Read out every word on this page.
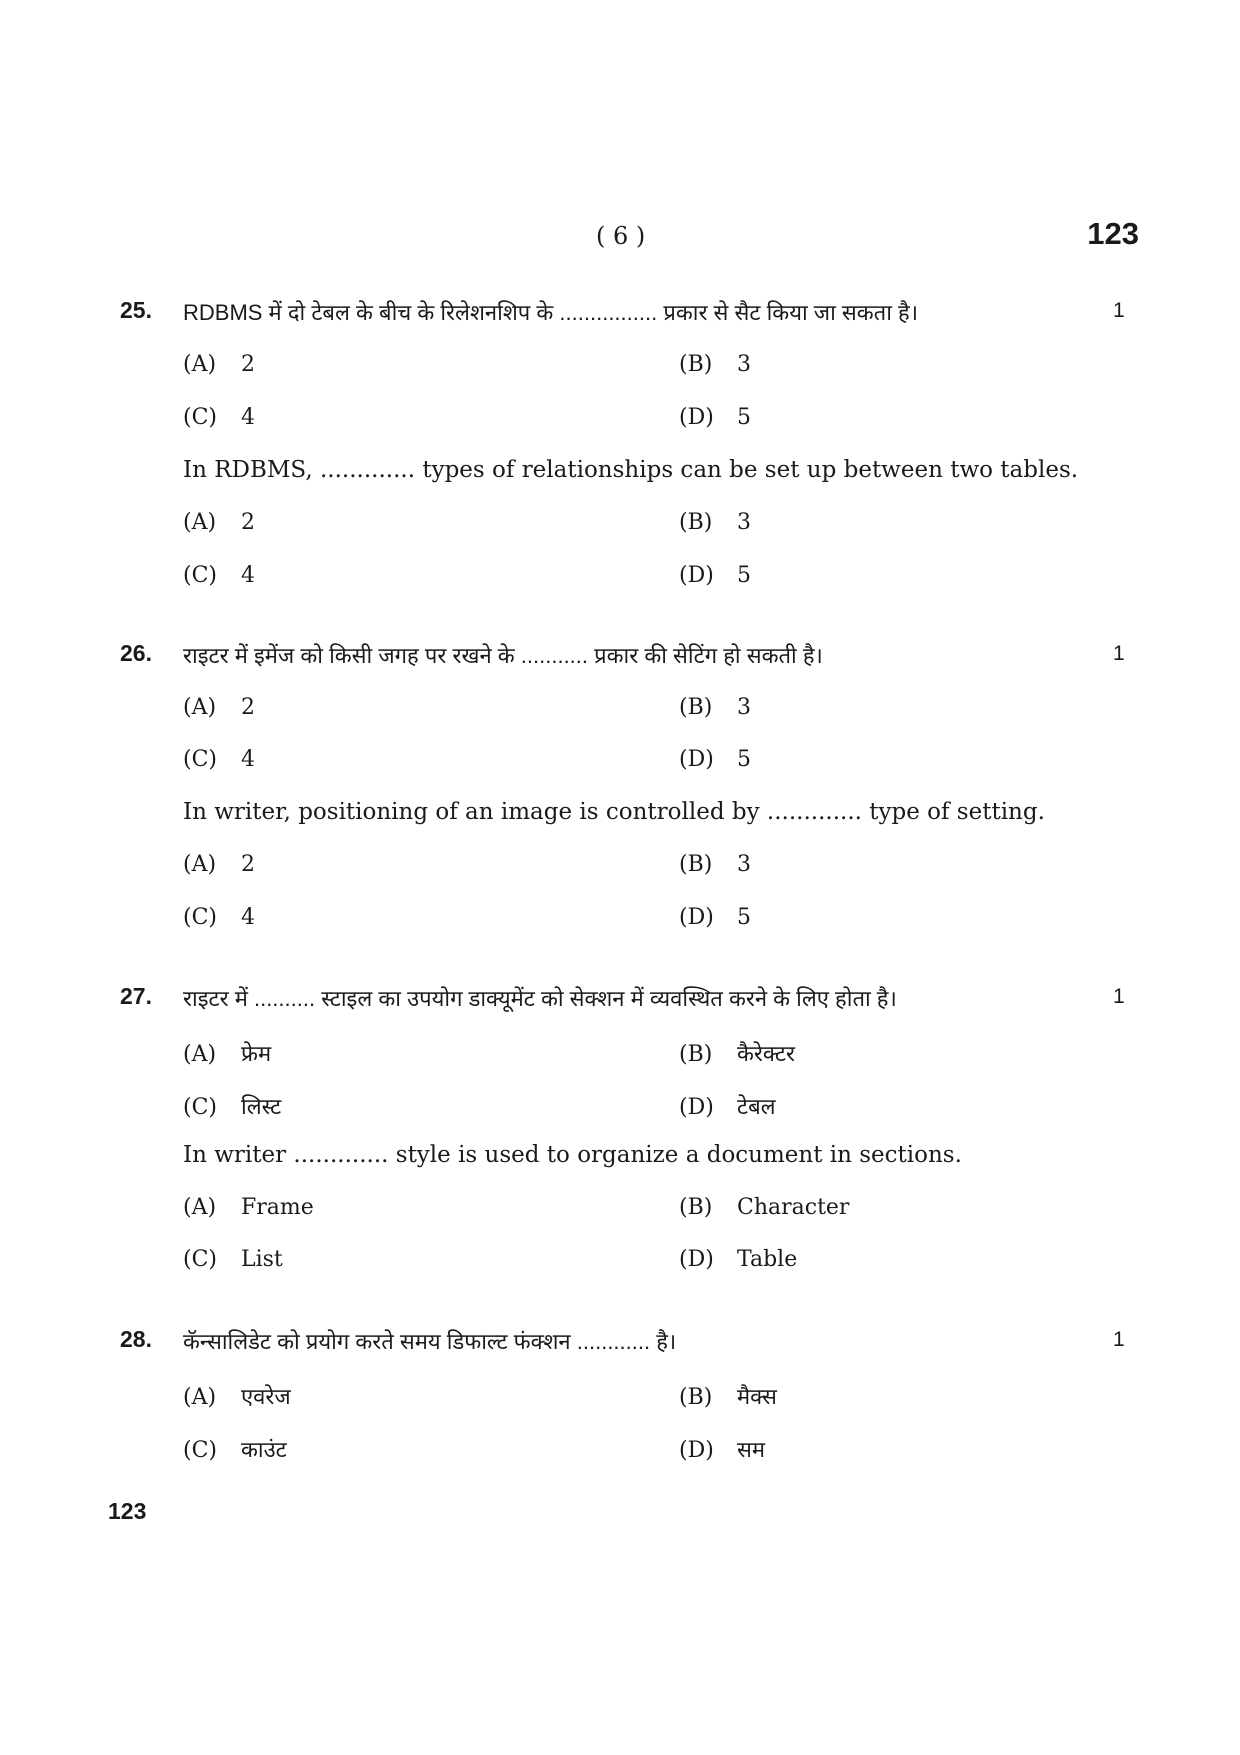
( 6 )	123
25. RDBMS में दो टेबल के बीच के रिलेशनशिप के ................ प्रकार से सैट किया जा सकता है।	1
(A) 2	(B) 3
(C) 4	(D) 5
In RDBMS, ............. types of relationships can be set up between two tables.
(A) 2	(B) 3
(C) 4	(D) 5
26. राइटर में इमेंज को किसी जगह पर रखने के ........... प्रकार की सेटिंग हो सकती है।	1
(A) 2	(B) 3
(C) 4	(D) 5
In writer, positioning of an image is controlled by ............. type of setting.
(A) 2	(B) 3
(C) 4	(D) 5
27. राइटर में .......... स्टाइल का उपयोग डाक्यूमेंट को सेक्शन में व्यवस्थित करने के लिए होता है।	1
(A) फ्रेम	(B) कैरेक्टर
(C) लिस्ट	(D) टेबल
In writer ............. style is used to organize a document in sections.
(A) Frame	(B) Character
(C) List	(D) Table
28. कॅन्सालिडेट को प्रयोग करते समय डिफाल्ट फंक्शन ............ है।	1
(A) एवरेज	(B) मैक्स
(C) काउंट	(D) सम
123
